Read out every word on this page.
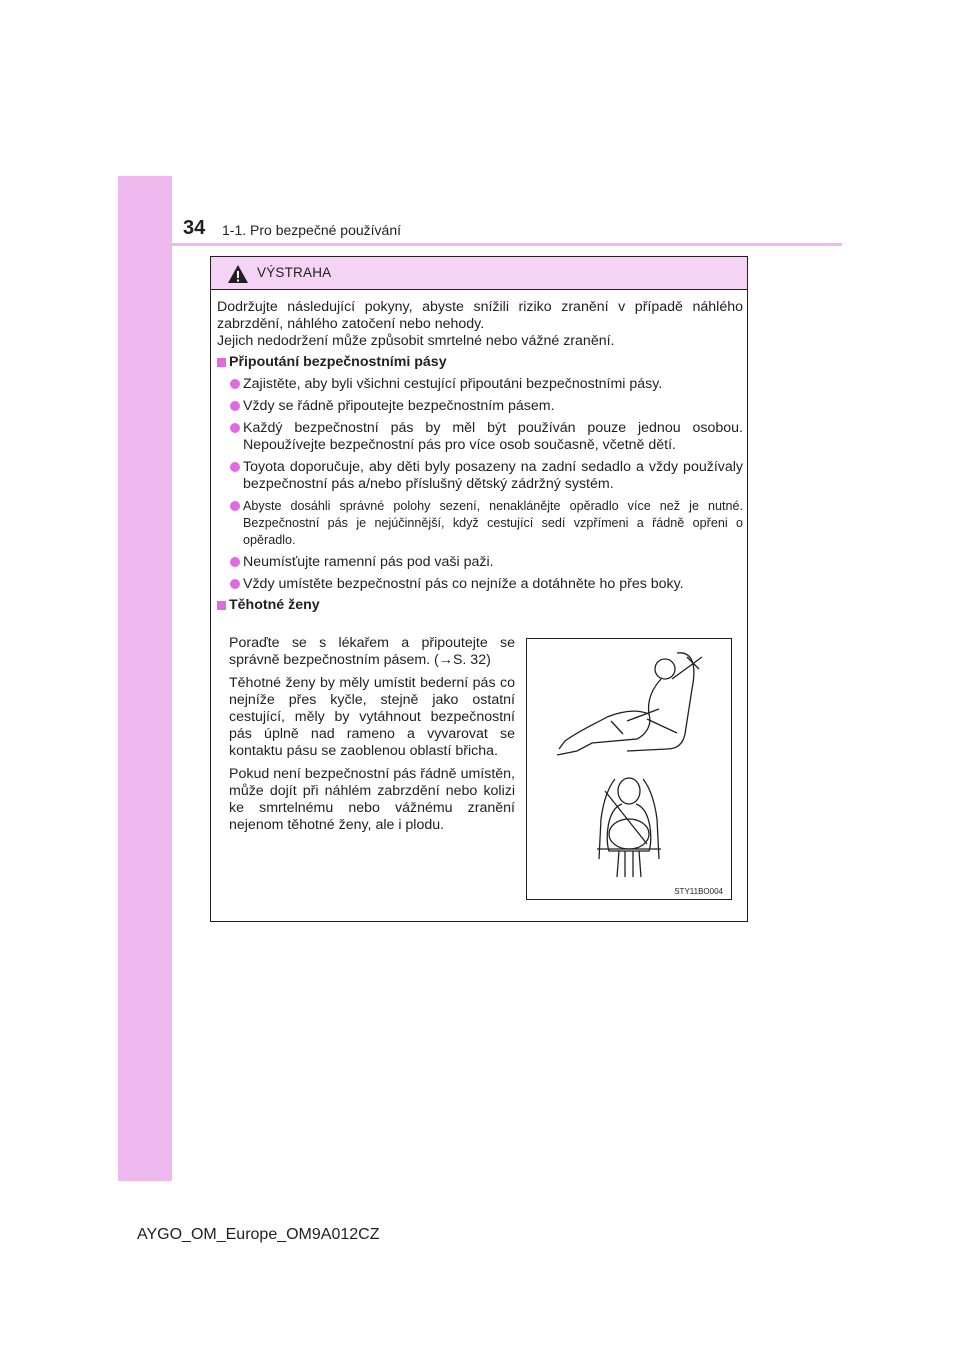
34 1-1. Pro bezpečné používání
VÝSTRAHA

Dodržujte následující pokyny, abyste snížili riziko zranění v případě náhlého zabrzdění, náhlého zatočení nebo nehody.

Jejich nedodržení může způsobit smrtelné nebo vážné zranění.

Připoutání bezpečnostními pásy
Zajistěte, aby byli všichni cestující připoutáni bezpečnostními pásy.
Vždy se řádně připoutejte bezpečnostním pásem.
Každý bezpečnostní pás by měl být používán pouze jednou osobou. Nepoužívejte bezpečnostní pás pro více osob současně, včetně dětí.
Toyota doporučuje, aby děti byly posazeny na zadní sedadlo a vždy používaly bezpečnostní pás a/nebo příslušný dětský zádržný systém.
Abyste dosáhli správné polohy sezení, nenaklánějte opěradlo více než je nutné. Bezpečnostní pás je nejúčinnější, když cestující sedí vzpřímeni a řádně opřeni o opěradlo.
Neumísťujte ramenní pás pod vaši paži.
Vždy umístěte bezpečnostní pás co nejníže a dotáhněte ho přes boky.
Těhotné ženy

Poraďte se s lékařem a připoutejte se správně bezpečnostním pásem. (→S. 32)

Těhotné ženy by měly umístit bederní pás co nejníže přes kyčle, stejně jako ostatní cestující, měly by vytáhnout bezpečnostní pás úplně nad rameno a vyvarovat se kontaktu pásu se zaoblenou oblastí břicha.

Pokud není bezpečnostní pás řádně umístěn, může dojít při náhlém zabrzdění nebo kolizi ke smrtelnému nebo vážnému zranění nejenom těhotné ženy, ale i plodu.

STY11BO004
AYGO_OM_Europe_OM9A012CZ
